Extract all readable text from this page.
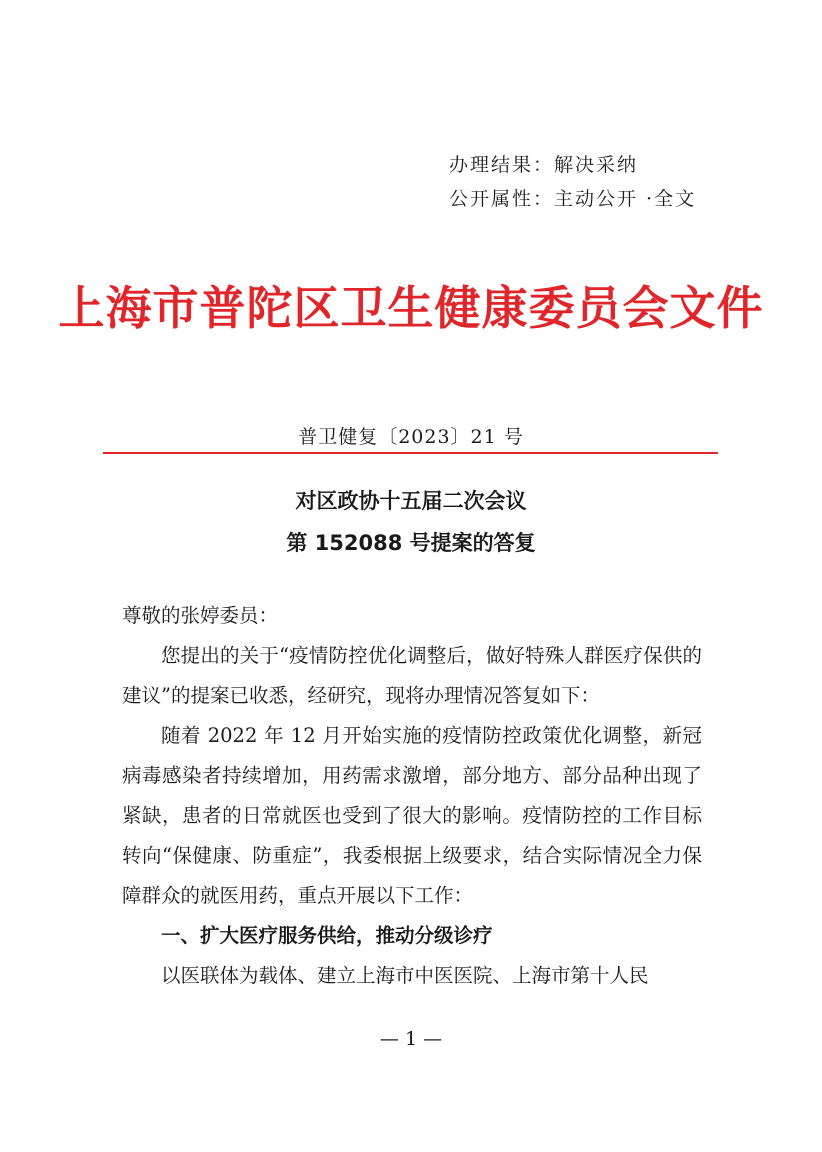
办理结果：解决采纳
公开属性：主动公开 ·全文
上海市普陀区卫生健康委员会文件
普卫健复〔2023〕21 号
对区政协十五届二次会议
第 152088 号提案的答复

尊敬的张婷委员：

您提出的关于“疫情防控优化调整后，做好特殊人群医疗保供的建议”的提案已收悉，经研究，现将办理情况答复如下：

随着 2022 年 12 月开始实施的疫情防控政策优化调整，新冠病毒感染者持续增加，用药需求激增，部分地方、部分品种出现了紧缺，患者的日常就医也受到了很大的影响。疫情防控的工作目标转向“保健康、防重症”，我委根据上级要求，结合实际情况全力保障群众的就医用药，重点开展以下工作：

一、扩大医疗服务供给，推动分级诊疗

以医联体为载体、建立上海市中医医院、上海市第十人民

— 1 —
